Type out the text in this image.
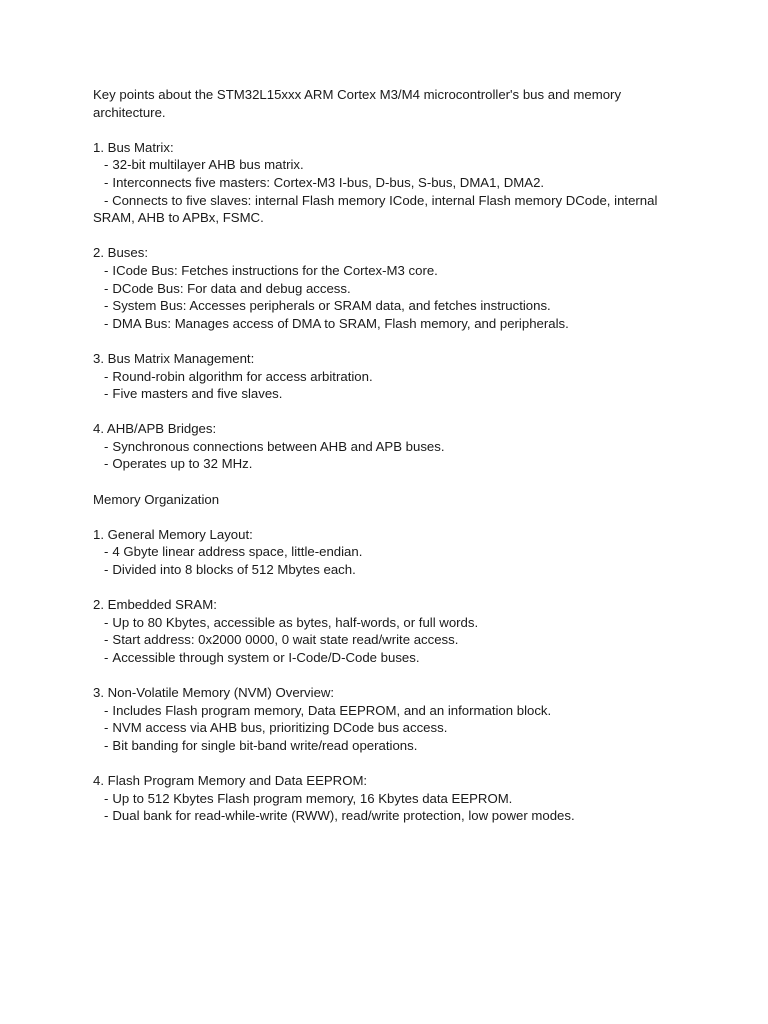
Key points about the STM32L15xxx ARM Cortex M3/M4 microcontroller's bus and memory architecture.

1. Bus Matrix:

- 32-bit multilayer AHB bus matrix.

- Interconnects five masters: Cortex-M3 I-bus, D-bus, S-bus, DMA1, DMA2.

- Connects to five slaves: internal Flash memory ICode, internal Flash memory DCode, internal SRAM, AHB to APBx, FSMC.

2. Buses:

- ICode Bus: Fetches instructions for the Cortex-M3 core.

- DCode Bus: For data and debug access.

- System Bus: Accesses peripherals or SRAM data, and fetches instructions.

- DMA Bus: Manages access of DMA to SRAM, Flash memory, and peripherals.

3. Bus Matrix Management:

- Round-robin algorithm for access arbitration.

- Five masters and five slaves.

4. AHB/APB Bridges:

- Synchronous connections between AHB and APB buses.

- Operates up to 32 MHz.

Memory Organization

1. General Memory Layout:

- 4 Gbyte linear address space, little-endian.

- Divided into 8 blocks of 512 Mbytes each.

2. Embedded SRAM:

- Up to 80 Kbytes, accessible as bytes, half-words, or full words.

- Start address: 0x2000 0000, 0 wait state read/write access.

- Accessible through system or I-Code/D-Code buses.

3. Non-Volatile Memory (NVM) Overview:

- Includes Flash program memory, Data EEPROM, and an information block.

- NVM access via AHB bus, prioritizing DCode bus access.

- Bit banding for single bit-band write/read operations.

4. Flash Program Memory and Data EEPROM:

- Up to 512 Kbytes Flash program memory, 16 Kbytes data EEPROM.

- Dual bank for read-while-write (RWW), read/write protection, low power modes.
